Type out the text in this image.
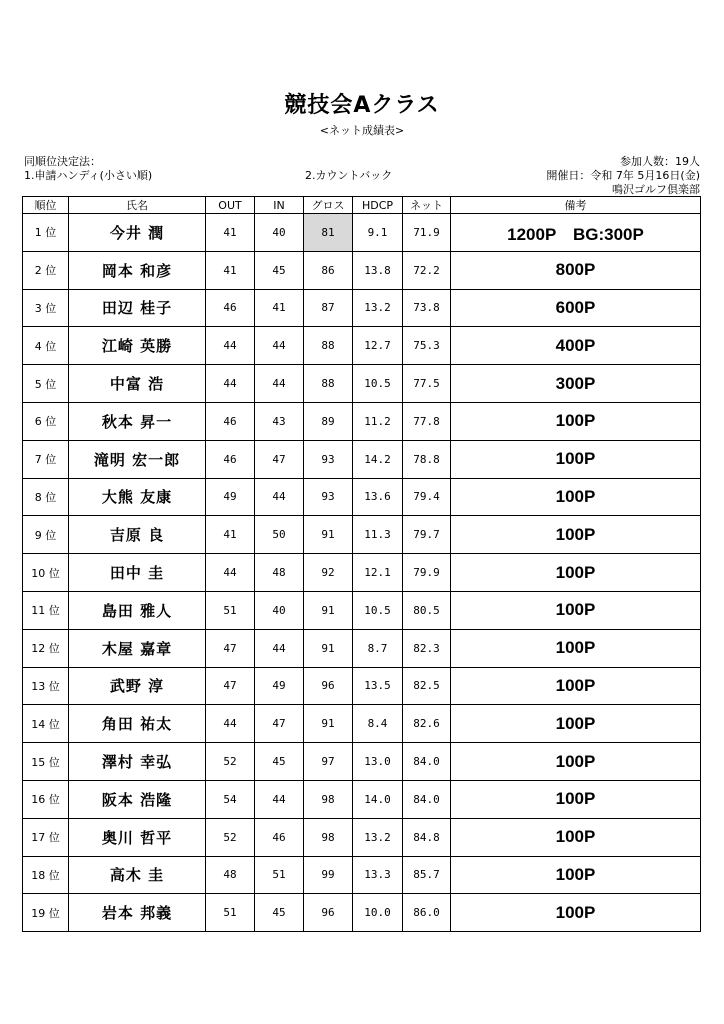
競技会Aクラス
<ネット成績表>
同順位決定法：
1.申請ハンディ(小さい順)	2.カウントバック
参加人数：19人
開催日：令和 7年 5月16日(金)
鳴沢ゴルフ倶楽部
順位	氏名	OUT	IN	グロス	HDCP	ネット	備考
1 位	今井 潤	41	40	81	9.1	71.9	1200P　BG:300P
2 位	岡本 和彦	41	45	86	13.8	72.2	800P
3 位	田辺 桂子	46	41	87	13.2	73.8	600P
4 位	江崎 英勝	44	44	88	12.7	75.3	400P
5 位	中富 浩	44	44	88	10.5	77.5	300P
6 位	秋本 昇一	46	43	89	11.2	77.8	100P
7 位	滝明 宏一郎	46	47	93	14.2	78.8	100P
8 位	大熊 友康	49	44	93	13.6	79.4	100P
9 位	吉原 良	41	50	91	11.3	79.7	100P
10 位	田中 圭	44	48	92	12.1	79.9	100P
11 位	島田 雅人	51	40	91	10.5	80.5	100P
12 位	木屋 嘉章	47	44	91	8.7	82.3	100P
13 位	武野 淳	47	49	96	13.5	82.5	100P
14 位	角田 祐太	44	47	91	8.4	82.6	100P
15 位	澤村 幸弘	52	45	97	13.0	84.0	100P
16 位	阪本 浩隆	54	44	98	14.0	84.0	100P
17 位	奥川 哲平	52	46	98	13.2	84.8	100P
18 位	高木 圭	48	51	99	13.3	85.7	100P
19 位	岩本 邦義	51	45	96	10.0	86.0	100P
